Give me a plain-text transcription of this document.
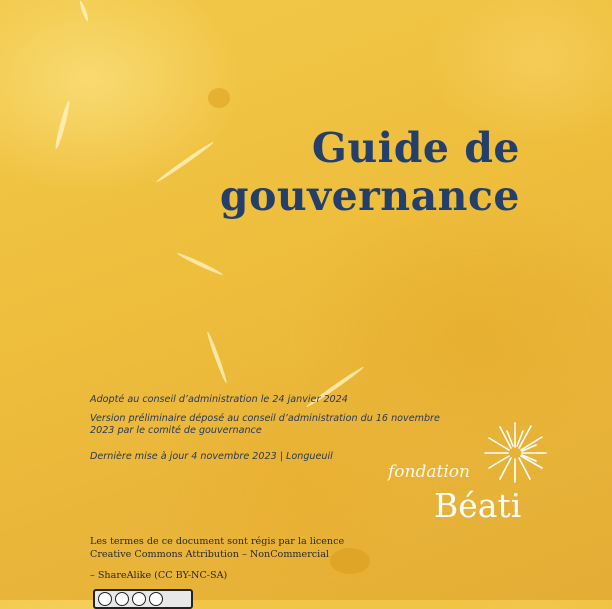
Guide de
gouvernance
Adopté au conseil d’administration le 24 janvier 2024
Version préliminaire déposé au conseil d’administration du 16 novembre 2023 par le comité de gouvernance
Dernière mise à jour 4 novembre 2023 | Longueuil
fondation
Béati
Les termes de ce document sont régis par la licence
Creative Commons Attribution – NonCommercial
– ShareAlike (CC BY-NC-SA)
